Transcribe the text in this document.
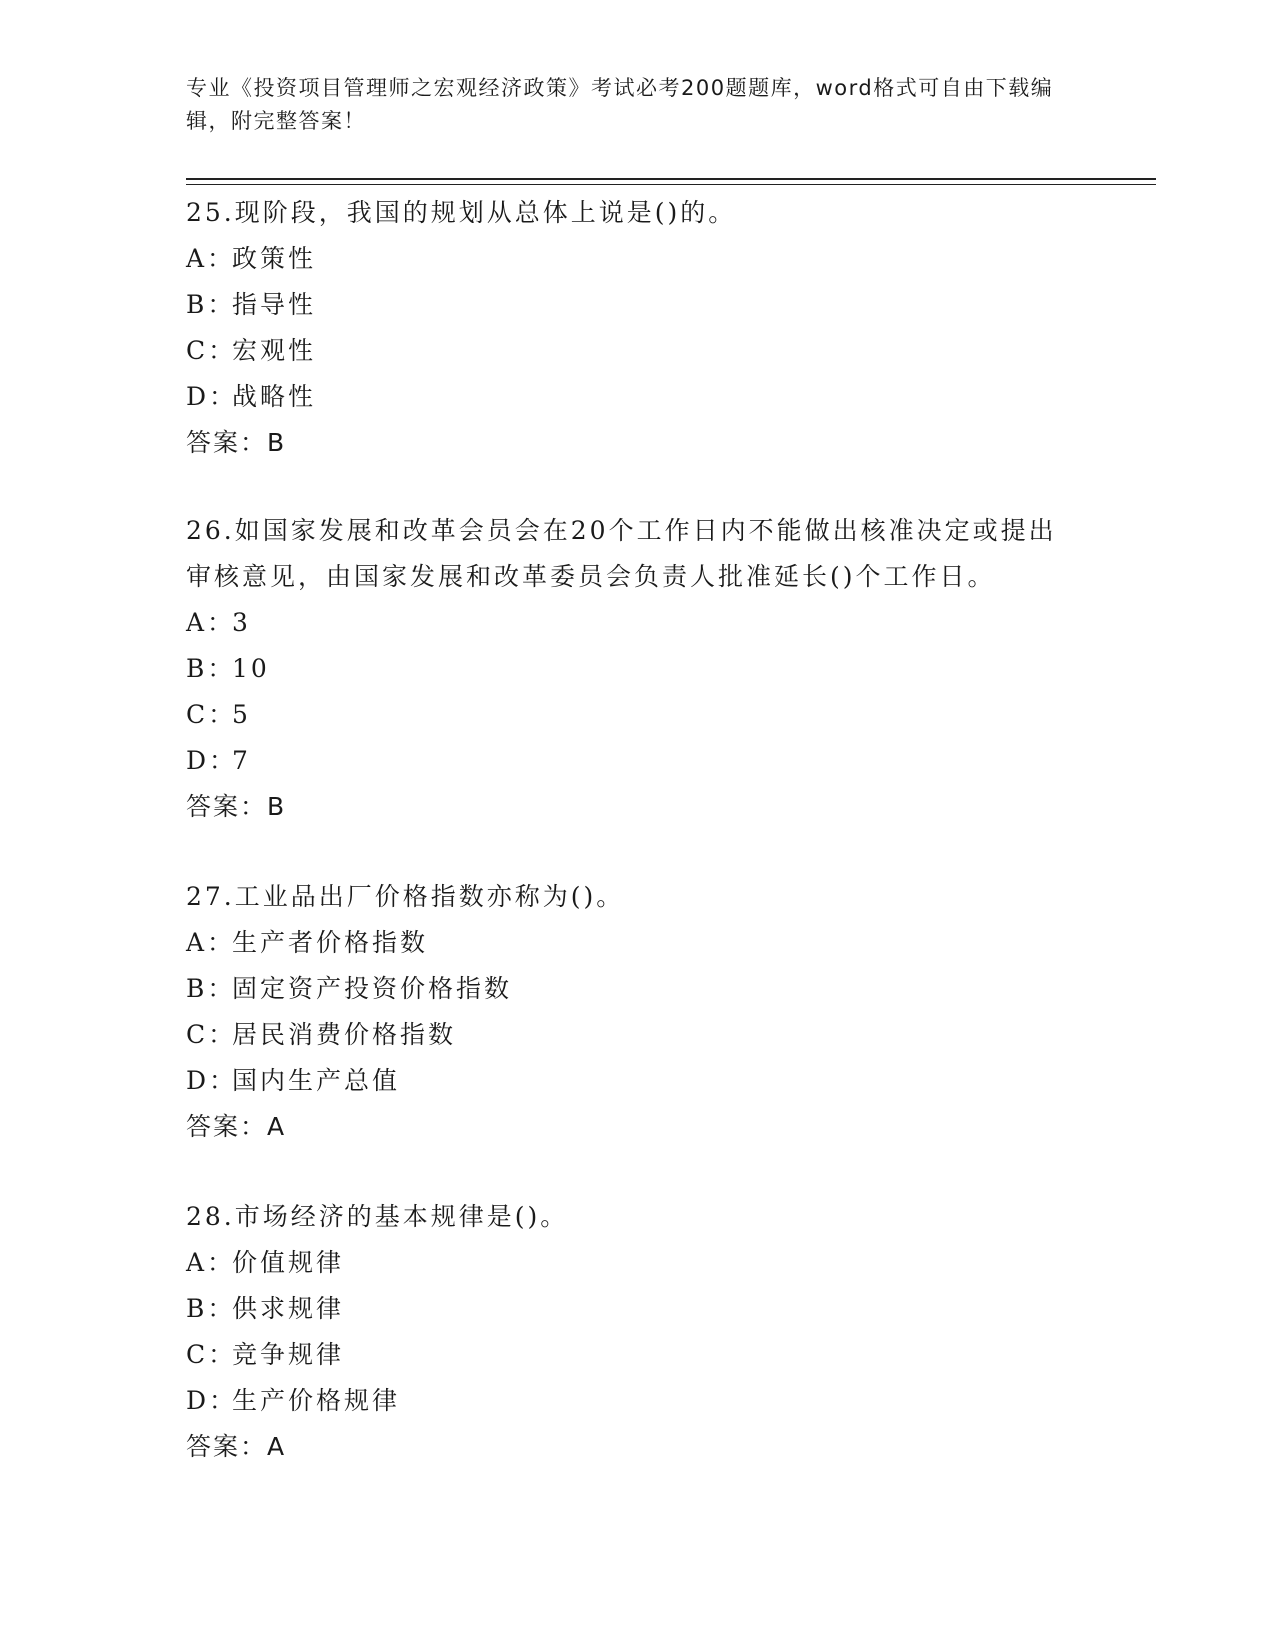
专业《投资项目管理师之宏观经济政策》考试必考200题题库，word格式可自由下载编辑，附完整答案！

25.现阶段，我国的规划从总体上说是()的。

A：政策性

B：指导性

C：宏观性

D：战略性

答案：B

26.如国家发展和改革会员会在20个工作日内不能做出核准决定或提出审核意见，由国家发展和改革委员会负责人批准延长()个工作日。

A：3

B：10

C：5

D：7

答案：B

27.工业品出厂价格指数亦称为()。

A：生产者价格指数

B：固定资产投资价格指数

C：居民消费价格指数

D：国内生产总值

答案：A

28.市场经济的基本规律是()。

A：价值规律

B：供求规律

C：竞争规律

D：生产价格规律

答案：A
